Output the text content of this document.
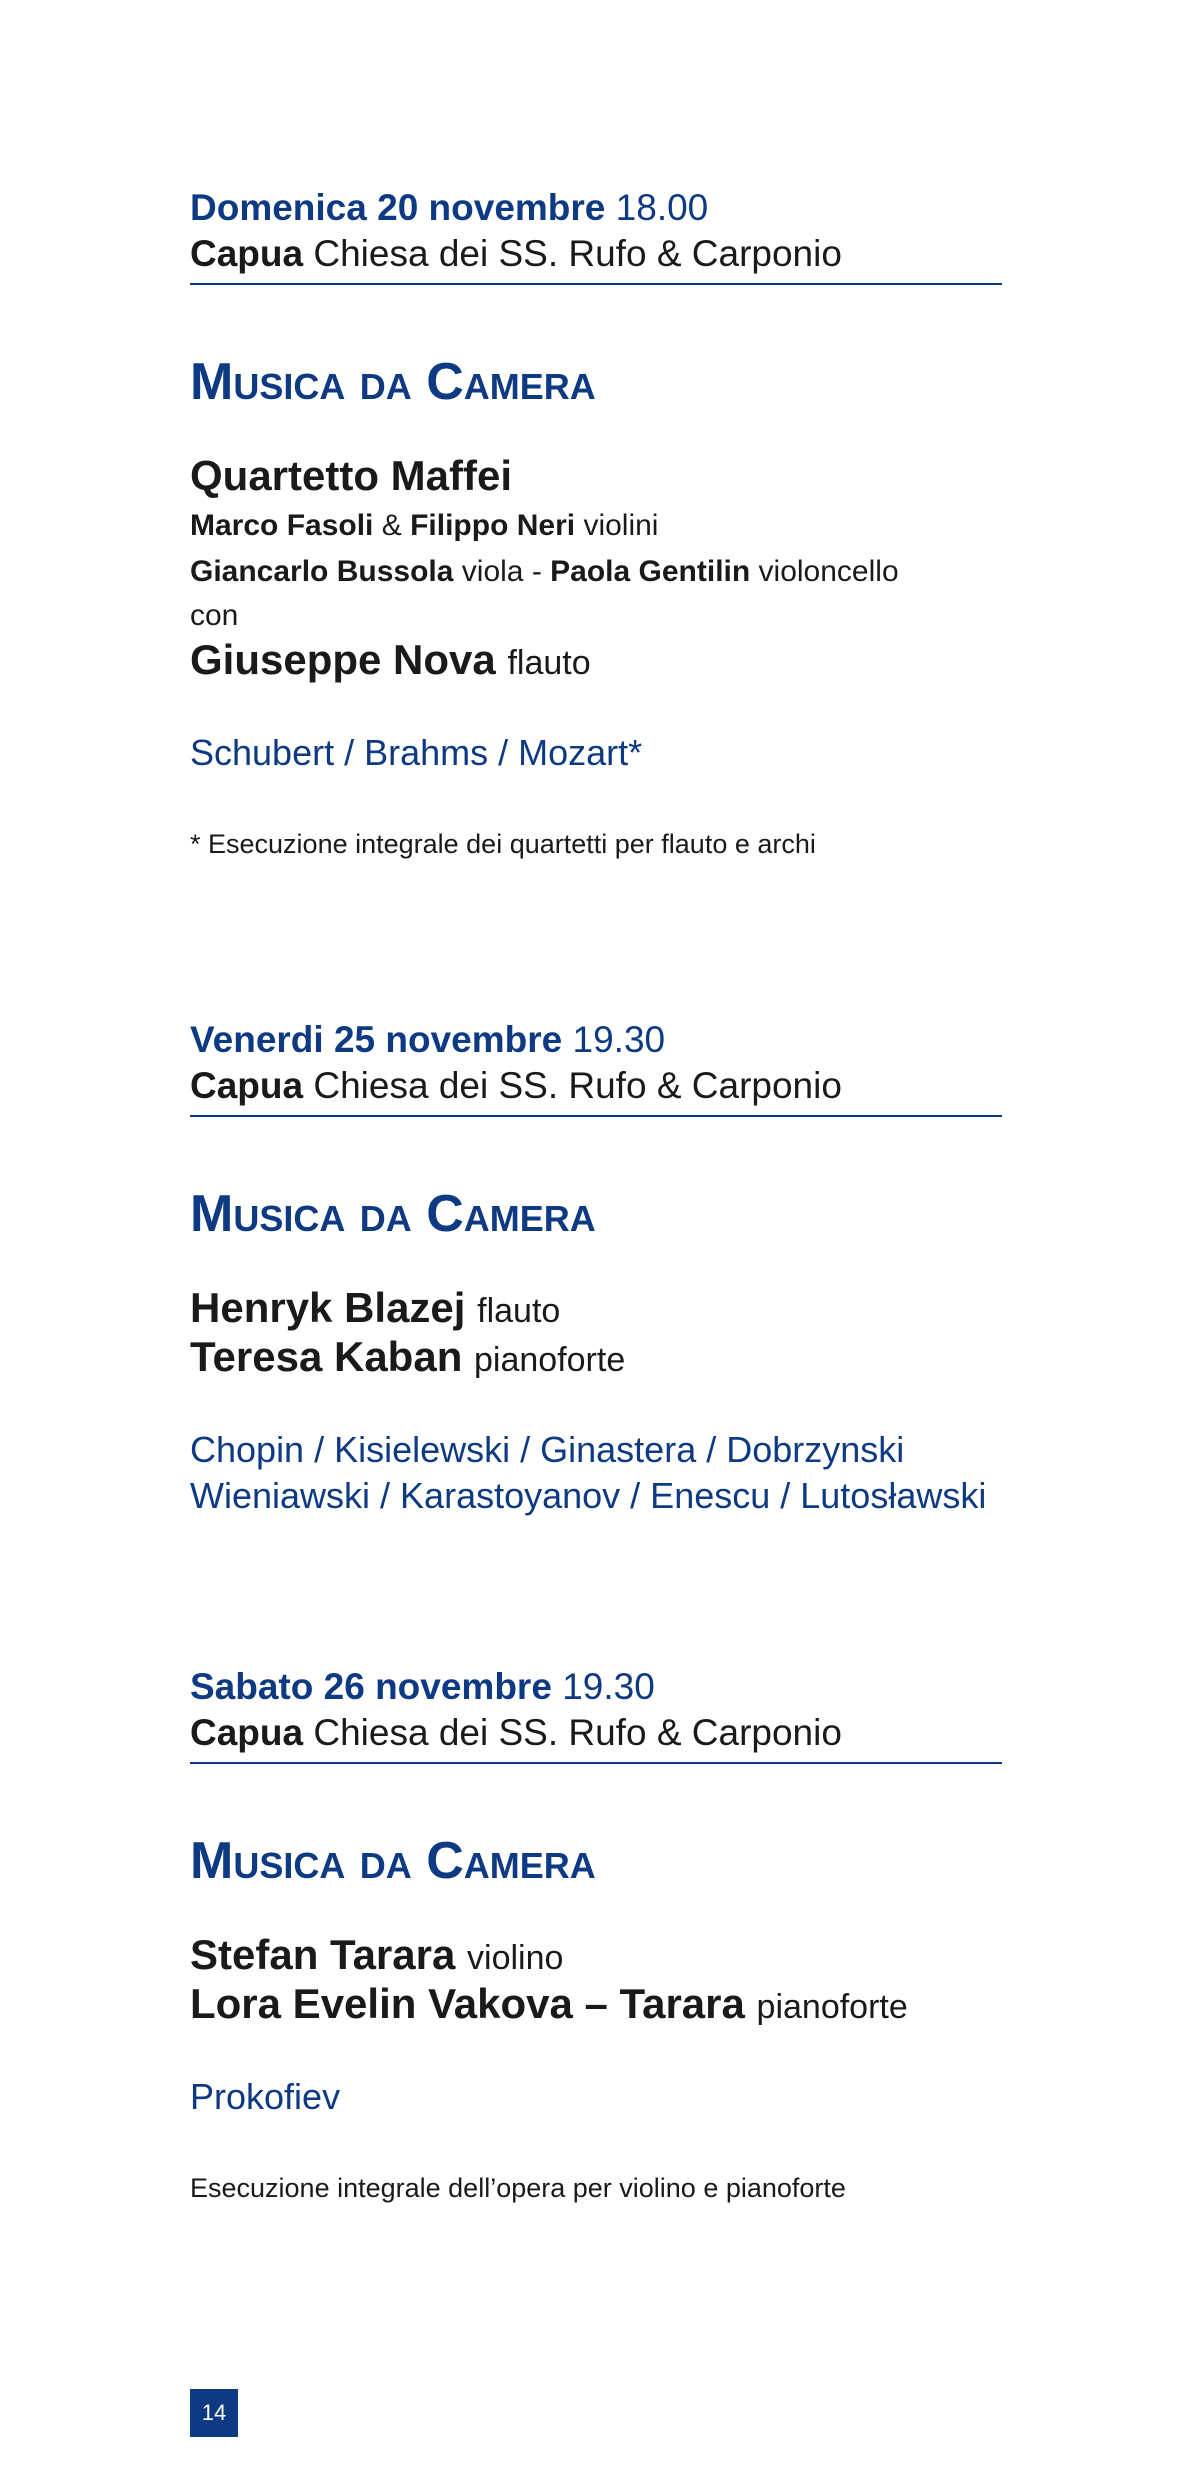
Domenica 20 novembre 18.00
Capua Chiesa dei SS. Rufo & Carponio
Musica da Camera
Quartetto Maffei
Marco Fasoli & Filippo Neri violini
Giancarlo Bussola viola - Paola Gentilin violoncello
con
Giuseppe Nova flauto
Schubert / Brahms / Mozart*
* Esecuzione integrale dei quartetti per flauto e archi
Venerdi 25 novembre 19.30
Capua Chiesa dei SS. Rufo & Carponio
Musica da Camera
Henryk Blazej flauto
Teresa Kaban pianoforte
Chopin / Kisielewski / Ginastera / Dobrzynski
Wieniawski / Karastoyanov / Enescu / Lutosławski
Sabato 26 novembre 19.30
Capua Chiesa dei SS. Rufo & Carponio
Musica da Camera
Stefan Tarara violino
Lora Evelin Vakova – Tarara pianoforte
Prokofiev
Esecuzione integrale dell’opera per violino e pianoforte
14
